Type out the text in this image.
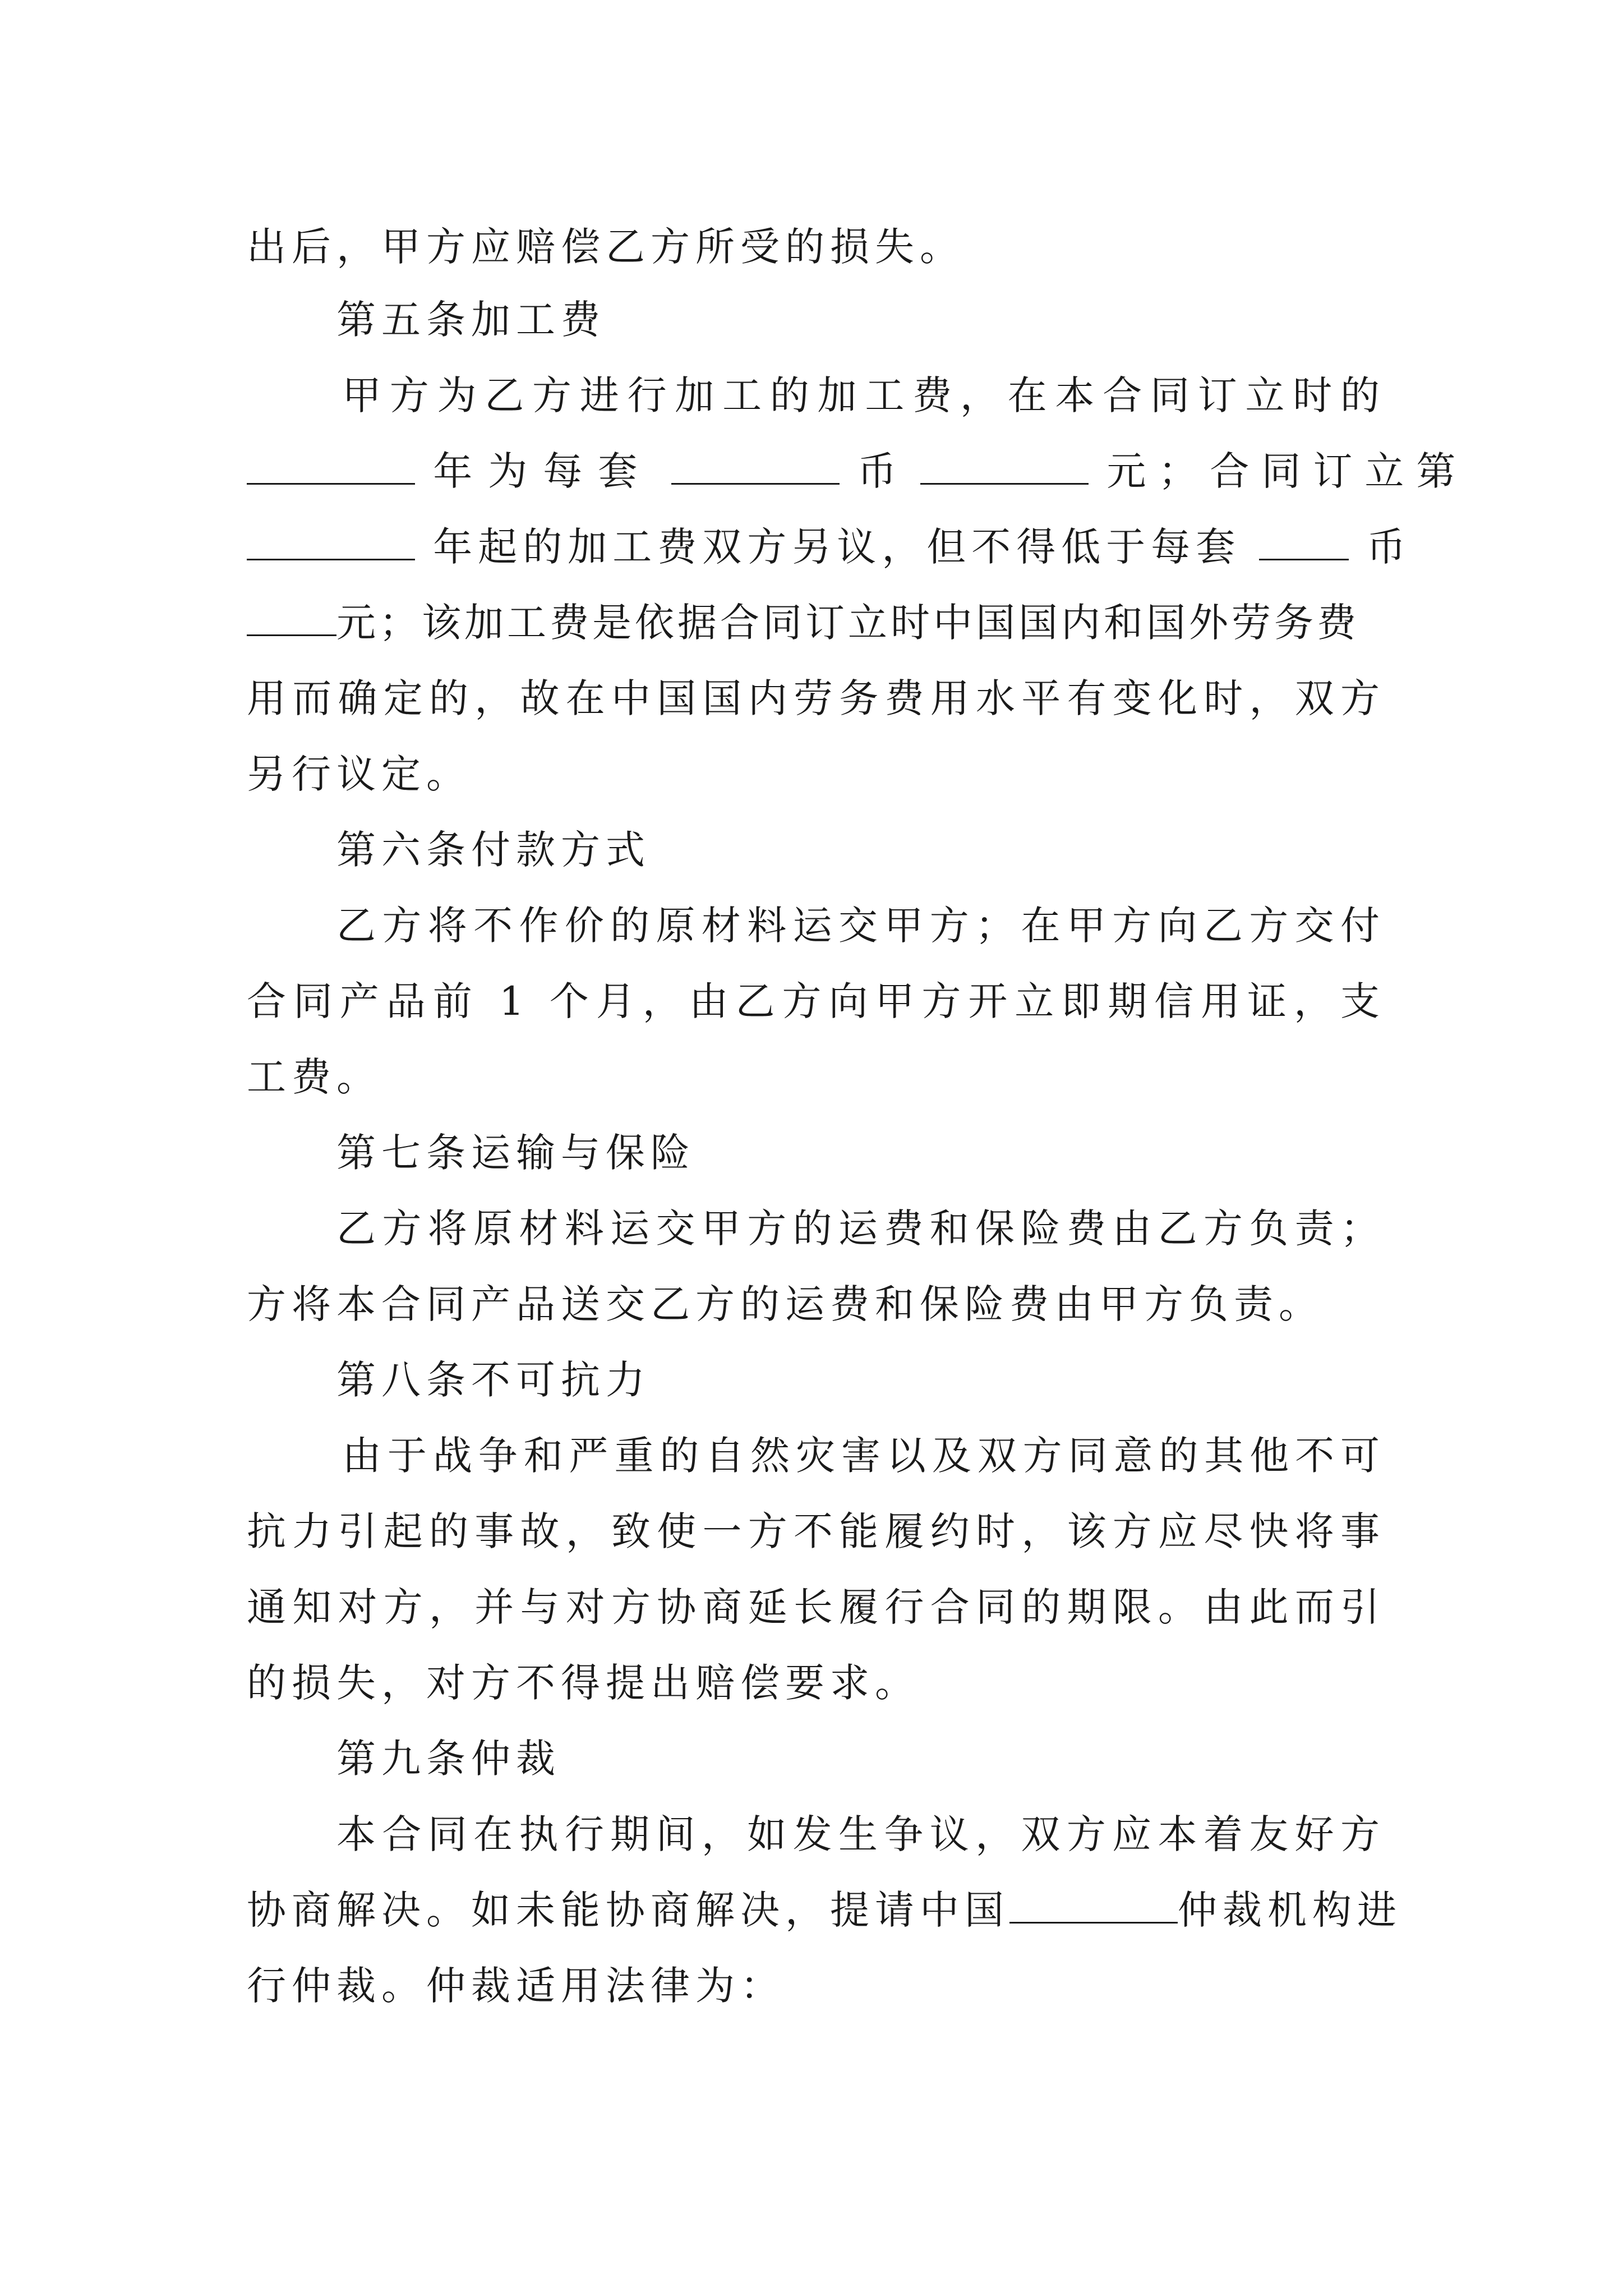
出后，甲方应赔偿乙方所受的损失。
第五条加工费
甲方为乙方进行加工的加工费，在本合同订立时的
年为每套	币	元；合同订立第
年起的加工费双方另议，但不得低于每套	币
元；该加工费是依据合同订立时中国国内和国外劳务费
用而确定的，故在中国国内劳务费用水平有变化时，双方
另行议定。
第六条付款方式
乙方将不作价的原材料运交甲方；在甲方向乙方交付
合同产品前 1 个月，由乙方向甲方开立即期信用证，支
工费。
第七条运输与保险
乙方将原材料运交甲方的运费和保险费由乙方负责；
方将本合同产品送交乙方的运费和保险费由甲方负责。
第八条不可抗力
由于战争和严重的自然灾害以及双方同意的其他不可
抗力引起的事故，致使一方不能履约时，该方应尽快将事
通知对方，并与对方协商延长履行合同的期限。由此而引
的损失，对方不得提出赔偿要求。
第九条仲裁
本合同在执行期间，如发生争议，双方应本着友好方
协商解决。如未能协商解决，提请中国	仲裁机构进
行仲裁。仲裁适用法律为：
